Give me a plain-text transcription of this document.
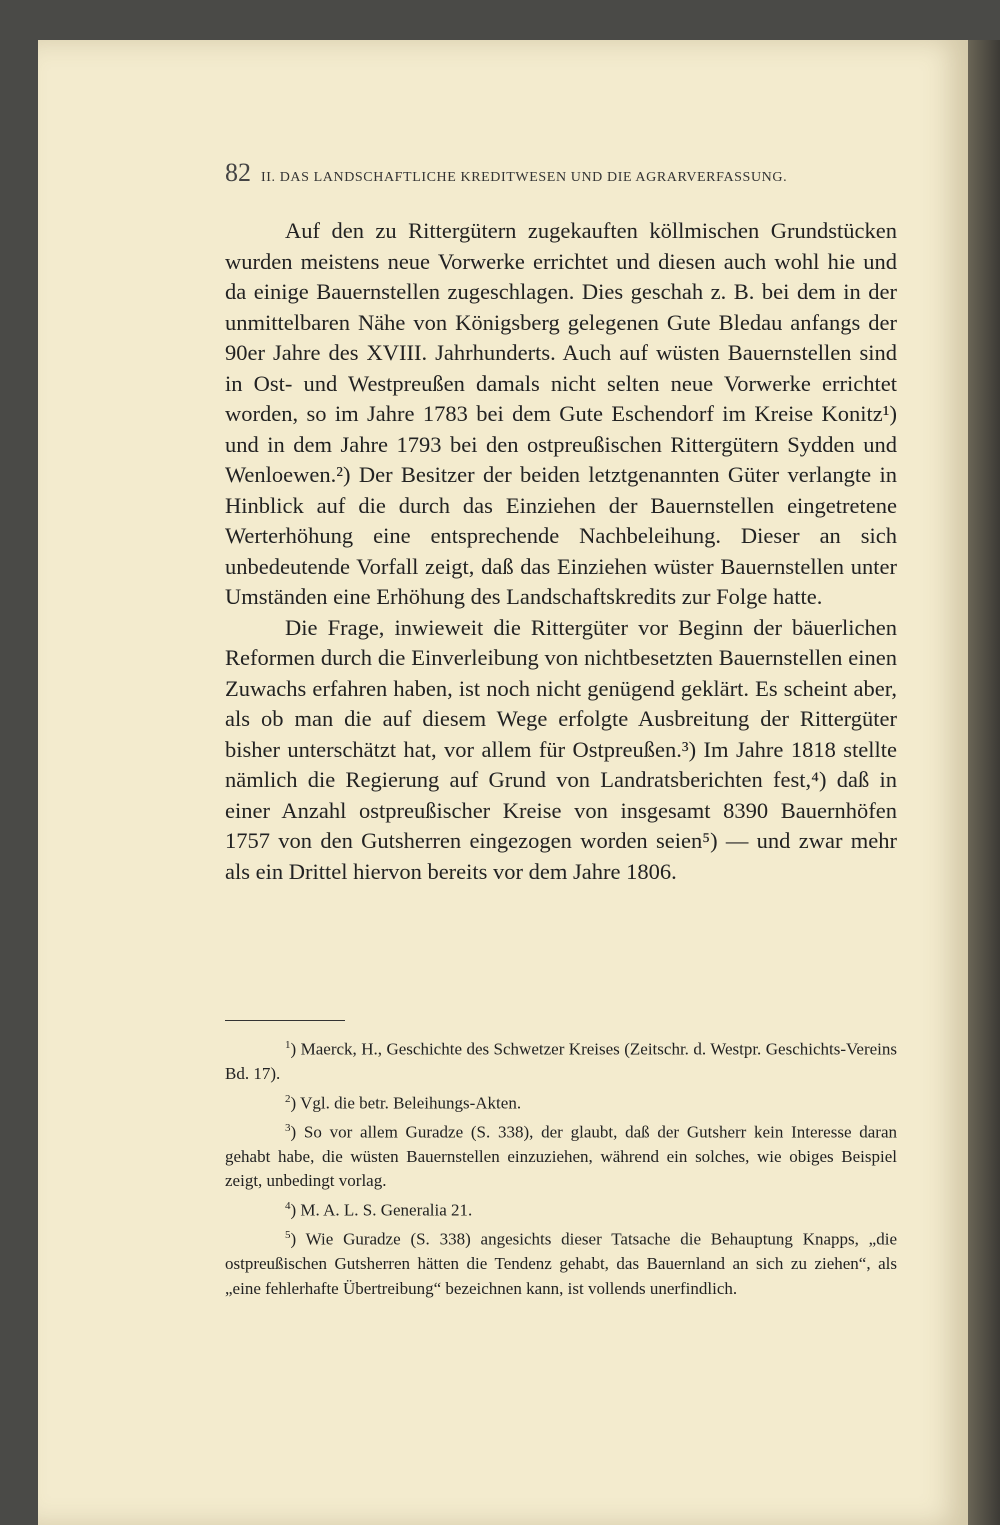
82 II. DAS LANDSCHAFTLICHE KREDITWESEN UND DIE AGRARVERFASSUNG.

Auf den zu Rittergütern zugekauften köllmischen Grundstücken wurden meistens neue Vorwerke errichtet und diesen auch wohl hie und da einige Bauernstellen zugeschlagen. Dies geschah z. B. bei dem in der unmittelbaren Nähe von Königsberg gelegenen Gute Bledau anfangs der 90er Jahre des XVIII. Jahrhunderts. Auch auf wüsten Bauernstellen sind in Ost- und Westpreußen damals nicht selten neue Vorwerke errichtet worden, so im Jahre 1783 bei dem Gute Eschendorf im Kreise Konitz¹) und in dem Jahre 1793 bei den ostpreußischen Rittergütern Sydden und Wenloewen.²) Der Besitzer der beiden letztgenannten Güter verlangte in Hinblick auf die durch das Einziehen der Bauernstellen eingetretene Werterhöhung eine entsprechende Nachbeleihung. Dieser an sich unbedeutende Vorfall zeigt, daß das Einziehen wüster Bauernstellen unter Umständen eine Erhöhung des Landschaftskredits zur Folge hatte.

Die Frage, inwieweit die Rittergüter vor Beginn der bäuerlichen Reformen durch die Einverleibung von nichtbesetzten Bauernstellen einen Zuwachs erfahren haben, ist noch nicht genügend geklärt. Es scheint aber, als ob man die auf diesem Wege erfolgte Ausbreitung der Rittergüter bisher unterschätzt hat, vor allem für Ostpreußen.³) Im Jahre 1818 stellte nämlich die Regierung auf Grund von Landratsberichten fest,⁴) daß in einer Anzahl ostpreußischer Kreise von insgesamt 8390 Bauernhöfen 1757 von den Gutsherren eingezogen worden seien⁵) — und zwar mehr als ein Drittel hiervon bereits vor dem Jahre 1806.

$^1$) Maerck, H., Geschichte des Schwetzer Kreises (Zeitschr. d. Westpr. Geschichts-Vereins Bd. 17).

$^2$) Vgl. die betr. Beleihungs-Akten.

$^3$) So vor allem Guradze (S. 338), der glaubt, daß der Gutsherr kein Interesse daran gehabt habe, die wüsten Bauernstellen einzuziehen, während ein solches, wie obiges Beispiel zeigt, unbedingt vorlag.

$^4$) M. A. L. S. Generalia 21.

$^5$) Wie Guradze (S. 338) angesichts dieser Tatsache die Behauptung Knapps, „die ostpreußischen Gutsherren hätten die Tendenz gehabt, das Bauernland an sich zu ziehen“, als „eine fehlerhafte Übertreibung“ bezeichnen kann, ist vollends unerfindlich.
